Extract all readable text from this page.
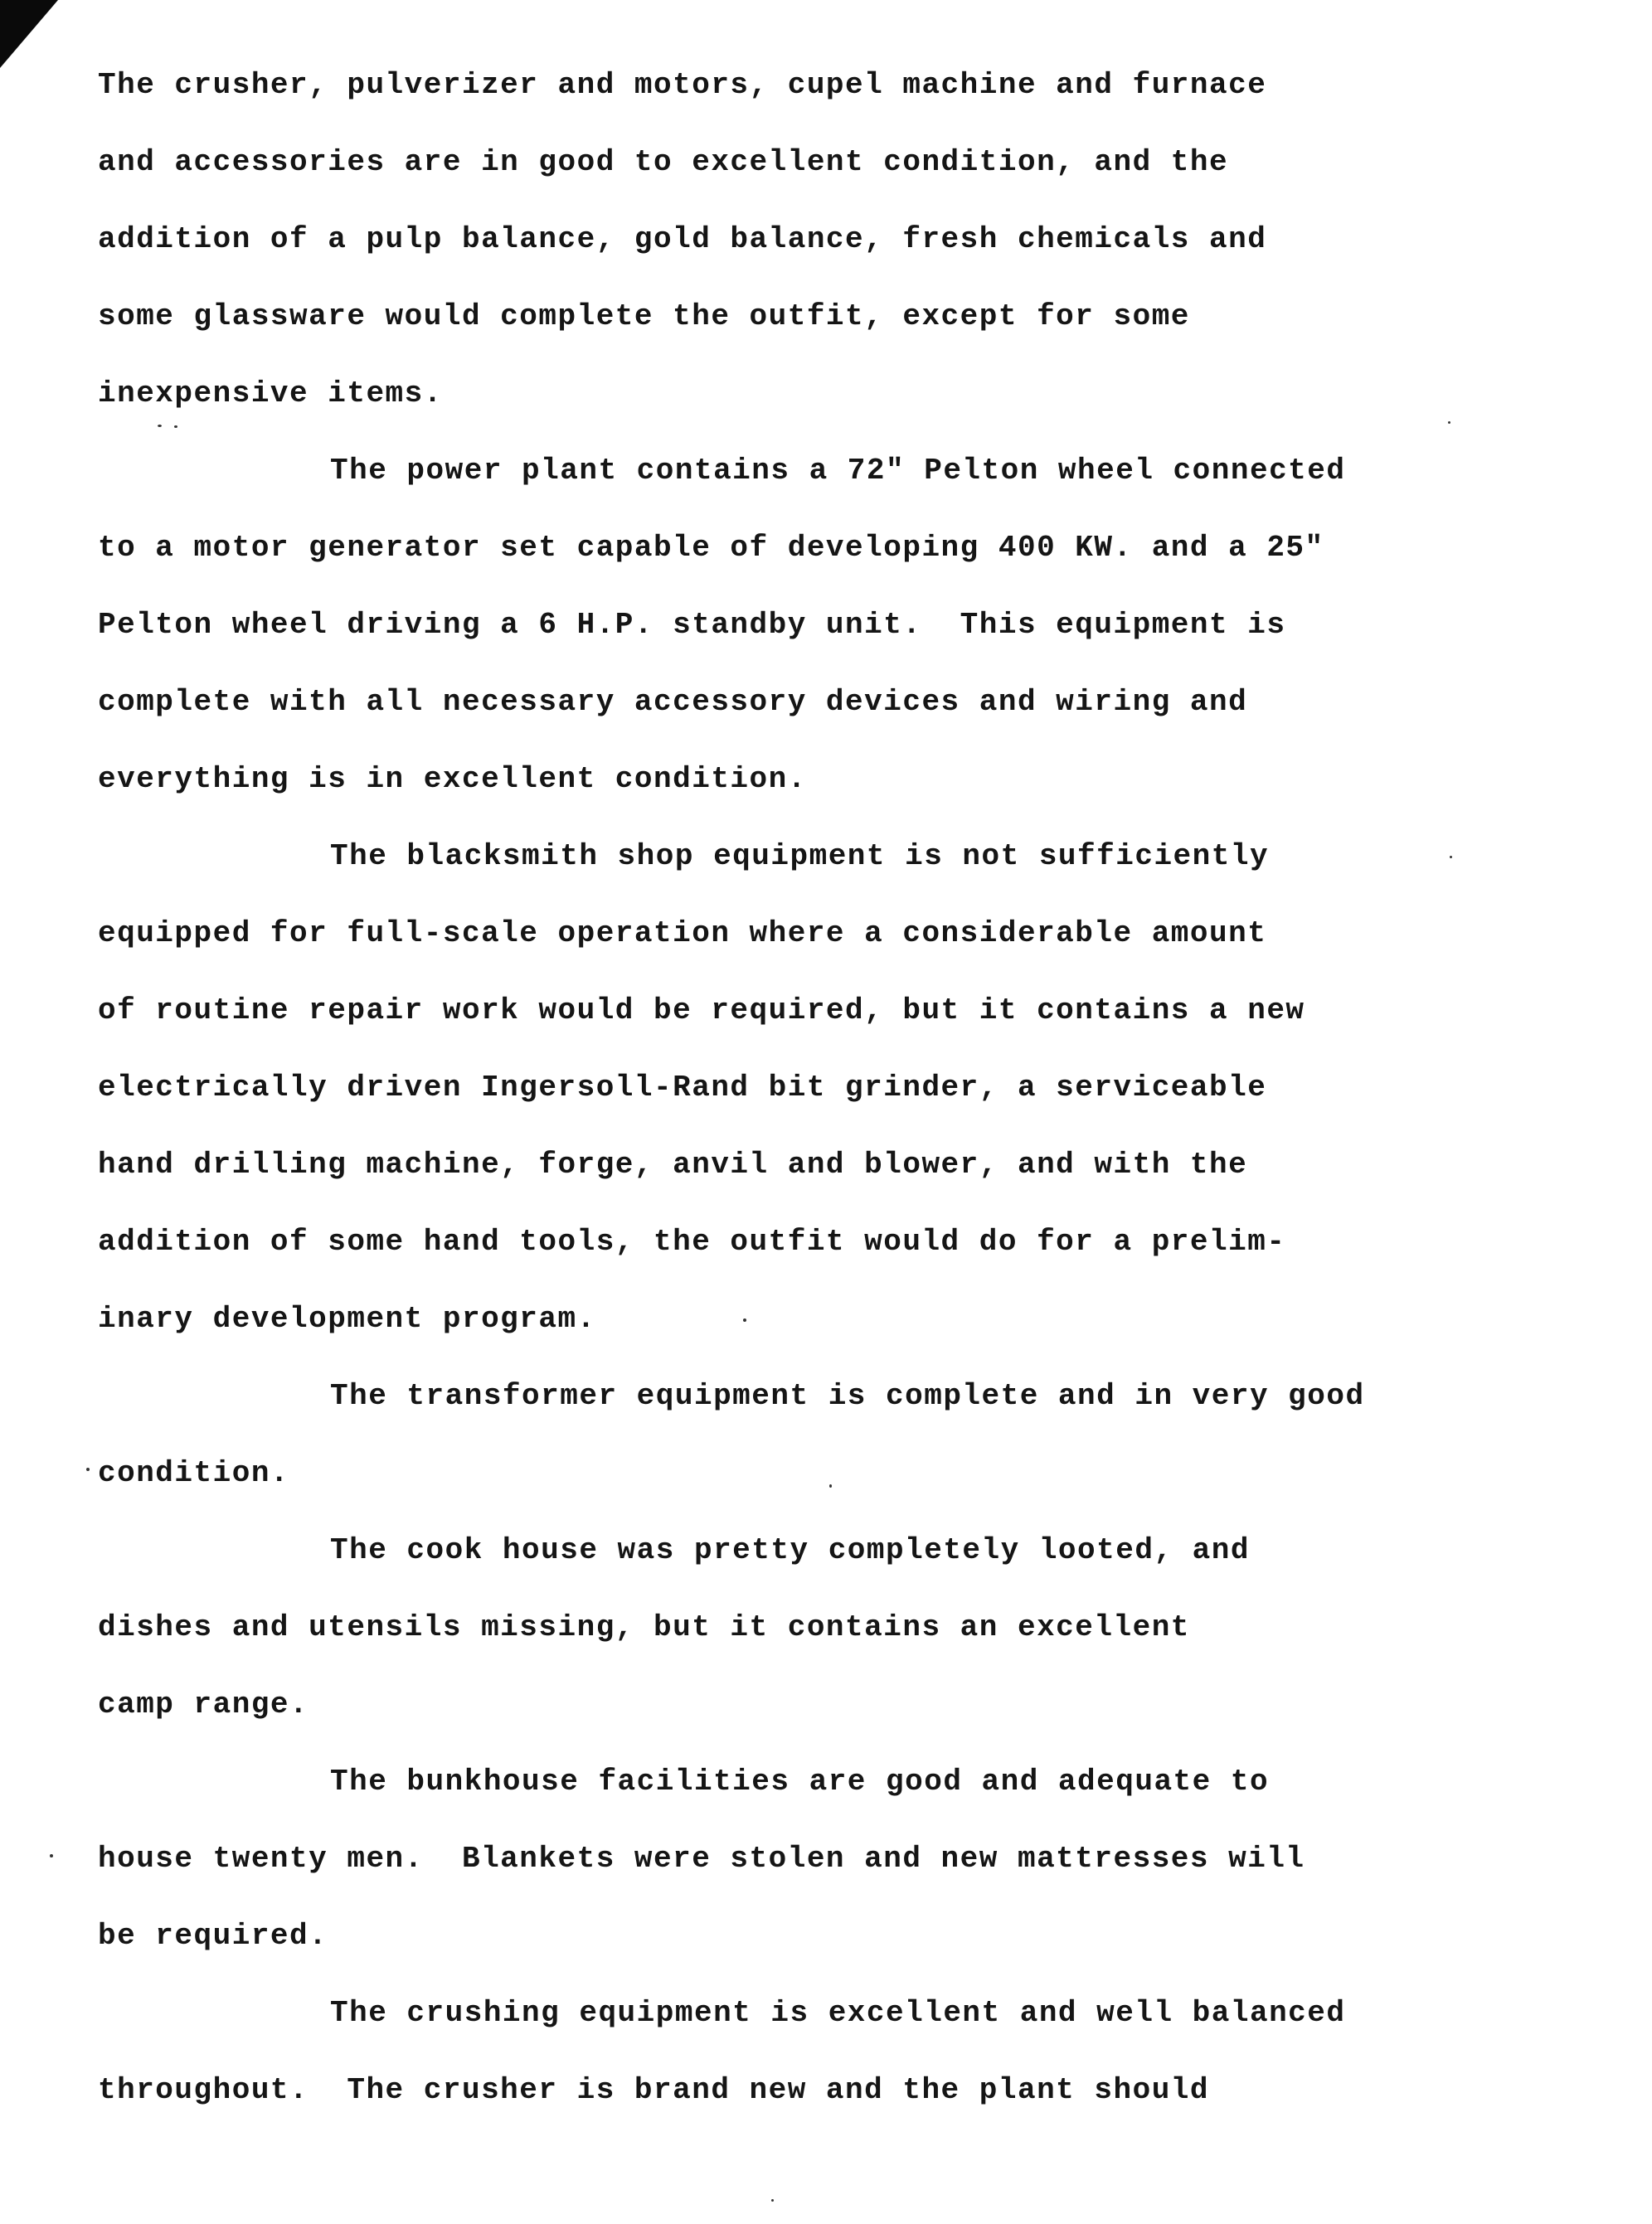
The crusher, pulverizer and motors, cupel machine and furnace
and accessories are in good to excellent condition, and the
addition of a pulp balance, gold balance, fresh chemicals and
some glassware would complete the outfit, except for some
inexpensive items.

The power plant contains a 72" Pelton wheel connected
to a motor generator set capable of developing 400 KW. and a 25"
Pelton wheel driving a 6 H.P. standby unit.  This equipment is
complete with all necessary accessory devices and wiring and
everything is in excellent condition.

The blacksmith shop equipment is not sufficiently
equipped for full-scale operation where a considerable amount
of routine repair work would be required, but it contains a new
electrically driven Ingersoll-Rand bit grinder, a serviceable
hand drilling machine, forge, anvil and blower, and with the
addition of some hand tools, the outfit would do for a prelim-
inary development program.

The transformer equipment is complete and in very good
condition.

The cook house was pretty completely looted, and
dishes and utensils missing, but it contains an excellent
camp range.

The bunkhouse facilities are good and adequate to
house twenty men.  Blankets were stolen and new mattresses will
be required.

The crushing equipment is excellent and well balanced
throughout.  The crusher is brand new and the plant should
